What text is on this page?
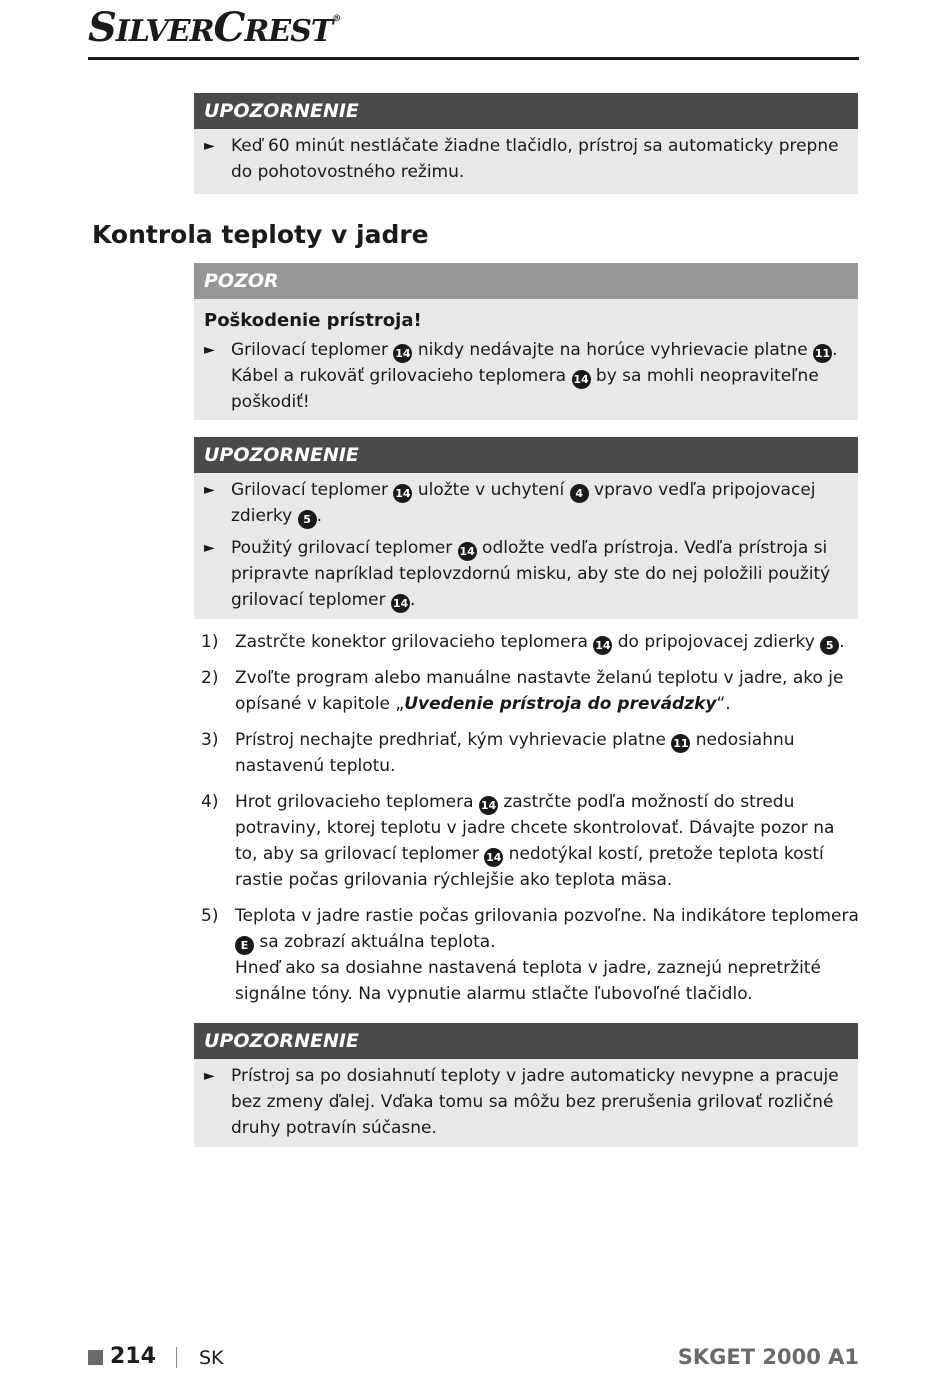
SILVERCREST®
UPOZORNENIE
► Keď 60 minút nestláčate žiadne tlačidlo, prístroj sa automaticky prepne do pohotovostného režimu.
Kontrola teploty v jadre
POZOR
Poškodenie prístroja!
► Grilovací teplomer 14 nikdy nedávajte na horúce vyhrievacie platne 11 . Kábel a rukoväť grilovacieho teplomera 14 by sa mohli neopraviteľne poškodiť!
UPOZORNENIE
► Grilovací teplomer 14 uložte v uchytení 4 vpravo vedľa pripojovacej zdierky 5 .
► Použitý grilovací teplomer 14 odložte vedľa prístroja. Vedľa prístroja si pripravte napríklad teplovzdornú misku, aby ste do nej položili použitý grilovací teplomer 14 .
1) Zastrčte konektor grilovacieho teplomera 14 do pripojovacej zdierky 5 .
2) Zvoľte program alebo manuálne nastavte želanú teplotu v jadre, ako je opísané v kapitole „Uvedenie prístroja do prevádzky“.
3) Prístroj nechajte predhriať, kým vyhrievacie platne 11 nedosiahnu nastavenú teplotu.
4) Hrot grilovacieho teplomera 14 zastrčte podľa možností do stredu potraviny, ktorej teplotu v jadre chcete skontrolovať. Dávajte pozor na to, aby sa grilovací teplomer 14 nedotýkal kostí, pretože teplota kostí rastie počas grilovania rýchlejšie ako teplota mäsa.
5) Teplota v jadre rastie počas grilovania pozvoľne. Na indikátore teplomera E sa zobrazí aktuálna teplota.
Hneď ako sa dosiahne nastavená teplota v jadre, zaznejú nepretržité signálne tóny. Na vypnutie alarmu stlačte ľubovoľné tlačidlo.
UPOZORNENIE
► Prístroj sa po dosiahnutí teploty v jadre automaticky nevypne a pracuje bez zmeny ďalej. Vďaka tomu sa môžu bez prerušenia grilovať rozličné druhy potravín súčasne.
214 SK	SKGET 2000 A1
